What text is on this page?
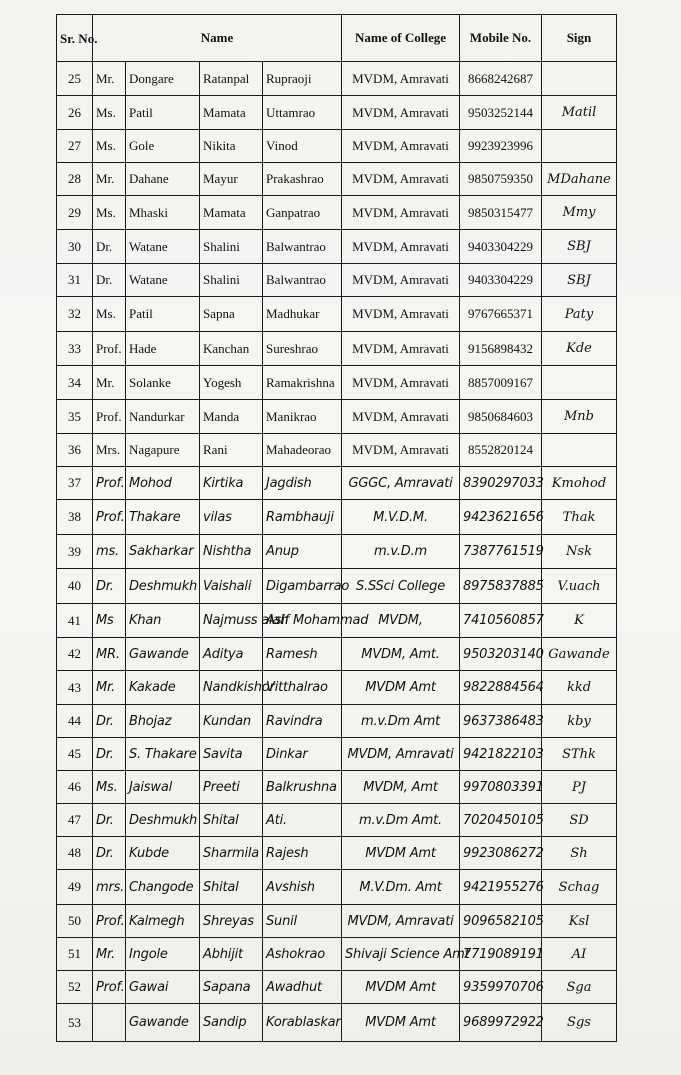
Sr. No.	Name				Name of College	Mobile No.	Sign
25	Mr.	Dongare	Ratanpal	Rupraoji	MVDM, Amravati	8668242687	
26	Ms.	Patil	Mamata	Uttamrao	MVDM, Amravati	9503252144	Matil
27	Ms.	Gole	Nikita	Vinod	MVDM, Amravati	9923923996	
28	Mr.	Dahane	Mayur	Prakashrao	MVDM, Amravati	9850759350	MDahane
29	Ms.	Mhaski	Mamata	Ganpatrao	MVDM, Amravati	9850315477	Mmy
30	Dr.	Watane	Shalini	Balwantrao	MVDM, Amravati	9403304229	SBJ
31	Dr.	Watane	Shalini	Balwantrao	MVDM, Amravati	9403304229	SBJ
32	Ms.	Patil	Sapna	Madhukar	MVDM, Amravati	9767665371	Paty
33	Prof.	Hade	Kanchan	Sureshrao	MVDM, Amravati	9156898432	Kde
34	Mr.	Solanke	Yogesh	Ramakrishna	MVDM, Amravati	8857009167	
35	Prof.	Nandurkar	Manda	Manikrao	MVDM, Amravati	9850684603	Mnb
36	Mrs.	Nagapure	Rani	Mahadeorao	MVDM, Amravati	8552820124	
37	Prof.	Mohod	Kirtika	Jagdish	GGGC, Amravati	8390297033	Kmohod
38	Prof.	Thakare	vilas	Rambhauji	M.V.D.M.	9423621656	Thak
39	ms.	Sakharkar	Nishtha	Anup	m.v.D.m	7387761519	Nsk
40	Dr.	Deshmukh	Vaishali	Digambarrao	S.SSci College	8975837885	V.uach
41	Ms	Khan	Najmuss alah	Asif Mohammad	MVDM,	7410560857	K
42	MR.	Gawande	Aditya	Ramesh	MVDM, Amt.	9503203140	Gawande
43	Mr.	Kakade	Nandkishor	Vitthalrao	MVDM Amt	9822884564	kkd
44	Dr.	Bhojaz	Kundan	Ravindra	m.v.Dm Amt	9637386483	kby
45	Dr.	S. Thakare	Savita	Dinkar	MVDM, Amravati	9421822103	SThk
46	Ms.	Jaiswal	Preeti	Balkrushna	MVDM, Amt	9970803391	PJ
47	Dr.	Deshmukh	Shital	Ati.	m.v.Dm Amt.	7020450105	SD
48	Dr.	Kubde	Sharmila	Rajesh	MVDM Amt	9923086272	Sh
49	mrs.	Changode	Shital	Avshish	M.V.Dm. Amt	9421955276	Schag
50	Prof.	Kalmegh	Shreyas	Sunil	MVDM, Amravati	9096582105	Ksl
51	Mr.	Ingole	Abhijit	Ashokrao	Shivaji Science Amt	7719089191	AI
52	Prof.	Gawai	Sapana	Awadhut	MVDM Amt	9359970706	Sga
53		Gawande	Sandip	Korablaskar	MVDM Amt	9689972922	Sgs
